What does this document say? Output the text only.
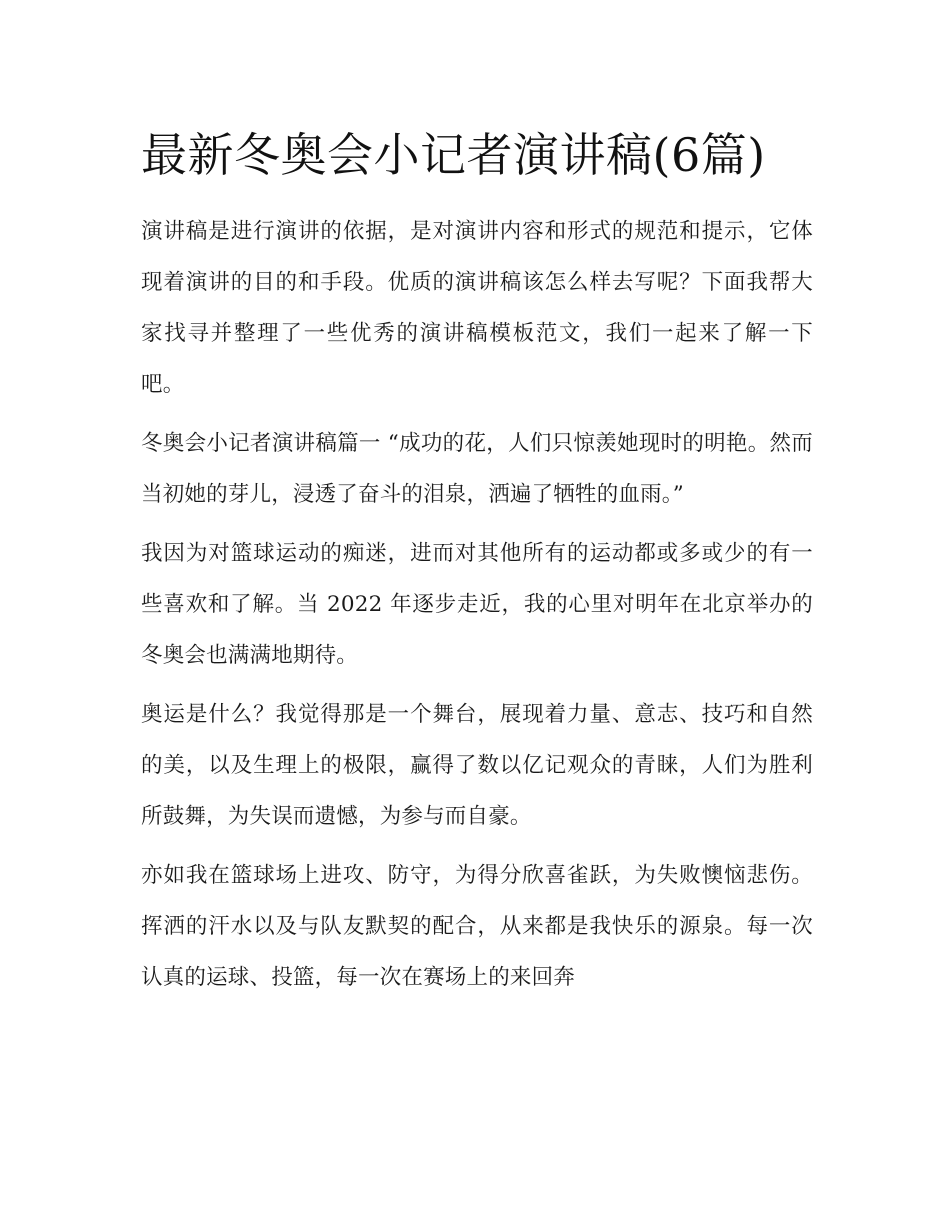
最新冬奥会小记者演讲稿(6篇)

演讲稿是进行演讲的依据，是对演讲内容和形式的规范和提示，它体现着演讲的目的和手段。优质的演讲稿该怎么样去写呢？下面我帮大家找寻并整理了一些优秀的演讲稿模板范文，我们一起来了解一下吧。

冬奥会小记者演讲稿篇一 “成功的花，人们只惊羡她现时的明艳。然而当初她的芽儿，浸透了奋斗的泪泉，洒遍了牺牲的血雨。”

我因为对篮球运动的痴迷，进而对其他所有的运动都或多或少的有一些喜欢和了解。当 2022 年逐步走近，我的心里对明年在北京举办的冬奥会也满满地期待。

奥运是什么？我觉得那是一个舞台，展现着力量、意志、技巧和自然的美，以及生理上的极限，赢得了数以亿记观众的青睐，人们为胜利所鼓舞，为失误而遗憾，为参与而自豪。

亦如我在篮球场上进攻、防守，为得分欣喜雀跃，为失败懊恼悲伤。挥洒的汗水以及与队友默契的配合，从来都是我快乐的源泉。每一次认真的运球、投篮，每一次在赛场上的来回奔
